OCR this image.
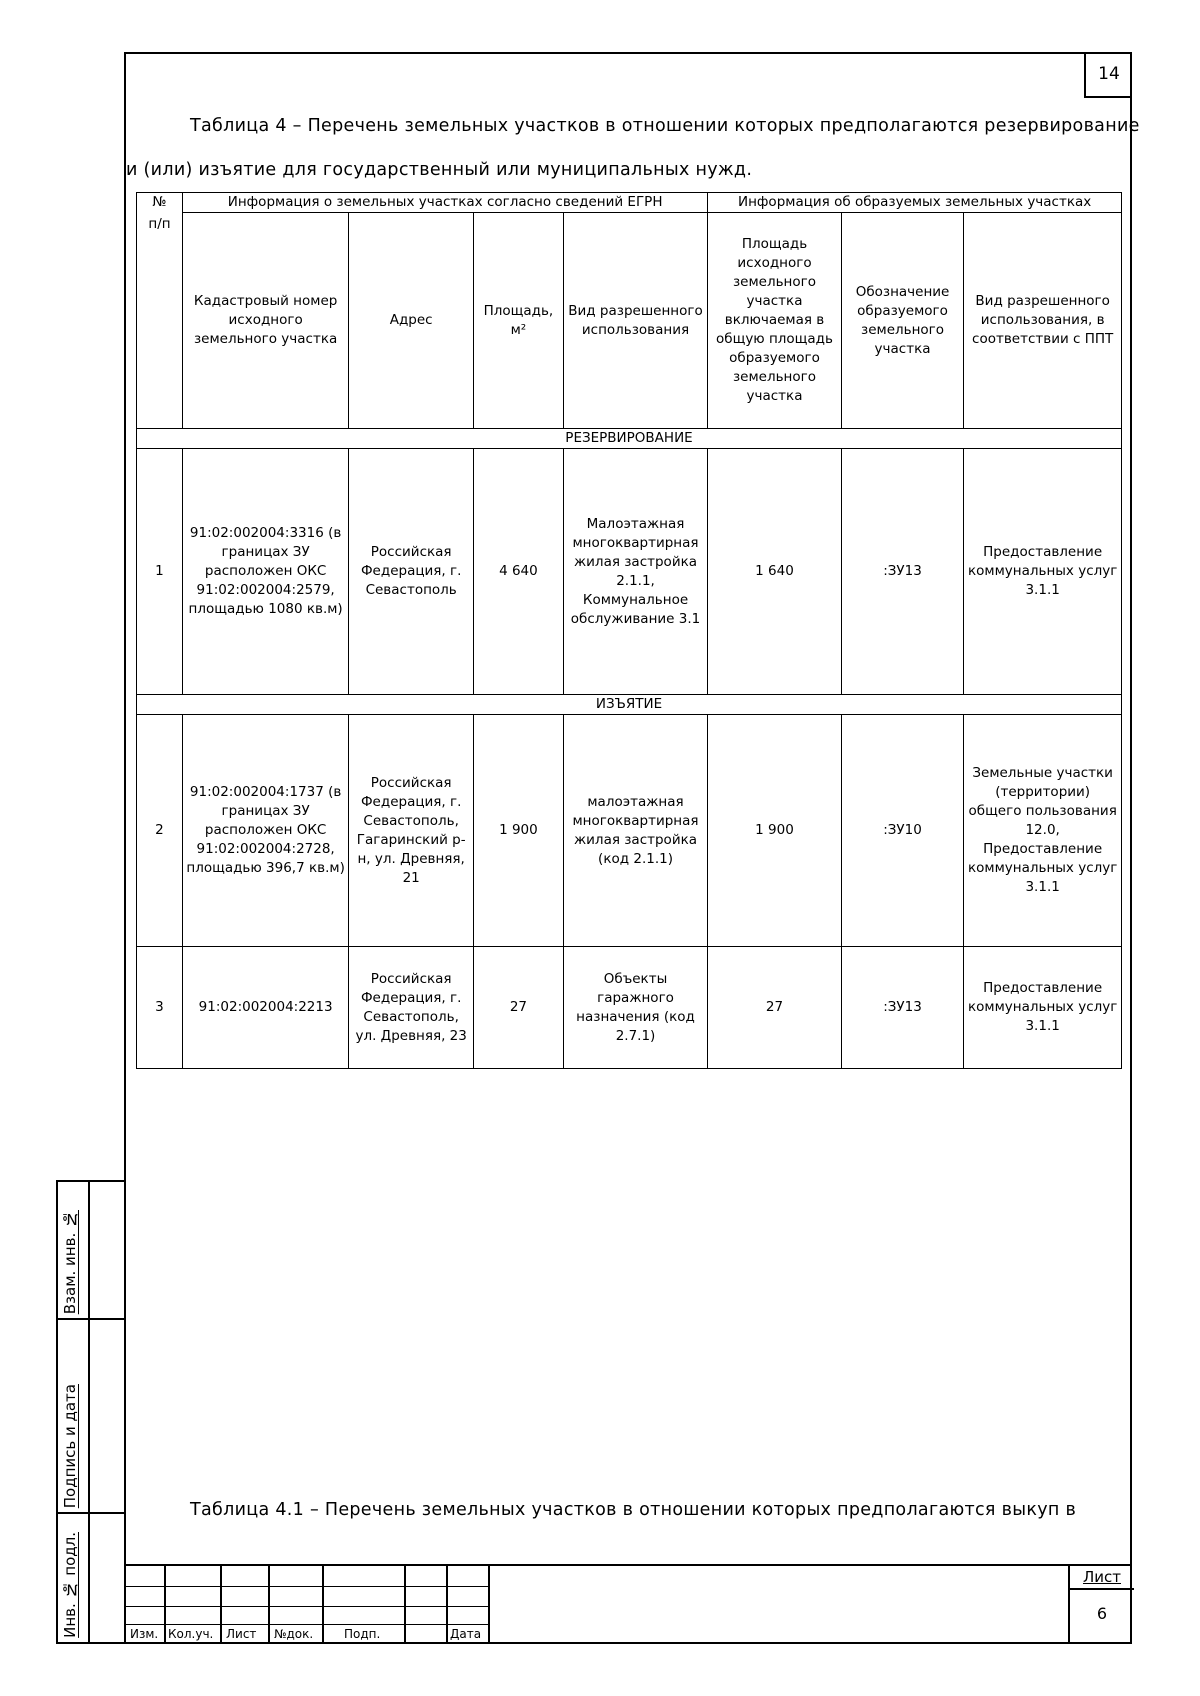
14
Таблица 4 – Перечень земельных участков в отношении которых предполагаются резервирование
и (или) изъятие для государственный или муниципальных нужд.
№	Информация о земельных участках согласно сведений ЕГРН				Информация об образуемых земельных участках		
п/п	Кадастровый номер исходного земельного участка	Адрес	Площадь, м²	Вид разрешенного использования	Площадь исходного земельного участка включаемая в общую площадь образуемого земельного участка	Обозначение образуемого земельного участка	Вид разрешенного использования, в соответствии с ППТ
РЕЗЕРВИРОВАНИЕ							
1	91:02:002004:3316 (в границах ЗУ расположен ОКС 91:02:002004:2579, площадью 1080 кв.м)	Российская Федерация, г. Севастополь	4 640	Малоэтажная многоквартирная жилая застройка 2.1.1, Коммунальное обслуживание 3.1	1 640	:ЗУ13	Предоставление коммунальных услуг 3.1.1
ИЗЪЯТИЕ							
2	91:02:002004:1737 (в границах ЗУ расположен ОКС 91:02:002004:2728, площадью 396,7 кв.м)	Российская Федерация, г. Севастополь, Гагаринский р-н, ул. Древняя, 21	1 900	малоэтажная многоквартирная жилая застройка (код 2.1.1)	1 900	:ЗУ10	Земельные участки (территории) общего пользования 12.0, Предоставление коммунальных услуг 3.1.1
3	91:02:002004:2213	Российская Федерация, г. Севастополь, ул. Древняя, 23	27	Объекты гаражного назначения (код 2.7.1)	27	:ЗУ13	Предоставление коммунальных услуг 3.1.1
Таблица 4.1 – Перечень земельных участков в отношении которых предполагаются выкуп в
Взам. инв. №
Подпись и дата
Инв. № подл.	Изм. Кол.уч. Лист №док.	Подп.	Дата
Лист
6
